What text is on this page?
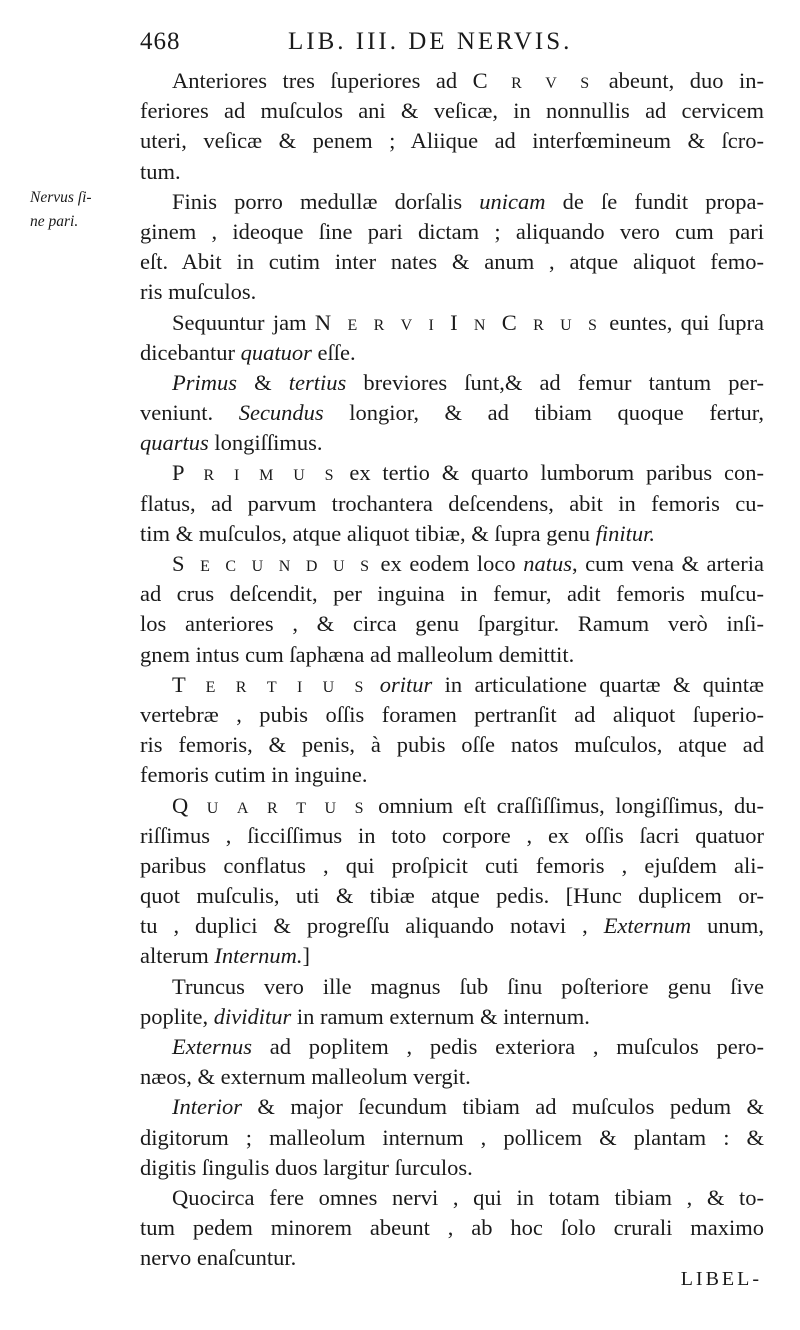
468	LIB. III. DE NERVIS.
Nervus ſi-
ne pari.
Anteriores tres ſuperiores ad C r v s abeunt, duo in-
feriores ad muſculos ani & veſicæ, in nonnullis ad cervicem
uteri, veſicæ & penem ; Aliique ad interfœmineum & ſcro-
tum.
Finis porro medullæ dorſalis unicam de ſe fundit propa-
ginem , ideoque ſine pari dictam ; aliquando vero cum pari
eſt. Abit in cutim inter nates & anum , atque aliquot femo-
ris muſculos.
Sequuntur jam N e r v i I n C r u s euntes, qui ſupra
dicebantur quatuor eſſe.
Primus & tertius breviores ſunt,& ad femur tantum per-
veniunt. Secundus longior, & ad tibiam quoque fertur,
quartus longiſſimus.
P r i m u s ex tertio & quarto lumborum paribus con-
flatus, ad parvum trochantera deſcendens, abit in femoris cu-
tim & muſculos, atque aliquot tibiæ, & ſupra genu finitur.
S e c u n d u s ex eodem loco natus, cum vena & arteria
ad crus deſcendit, per inguina in femur, adit femoris muſcu-
los anteriores , & circa genu ſpargitur. Ramum verò inſi-
gnem intus cum ſaphæna ad malleolum demittit.
T e r t i u s oritur in articulatione quartæ & quintæ
vertebræ , pubis oſſis foramen pertranſit ad aliquot ſuperio-
ris femoris, & penis, à pubis oſſe natos muſculos, atque ad
femoris cutim in inguine.
Q u a r t u s omnium eſt craſſiſſimus, longiſſimus, du-
riſſimus , ſicciſſimus in toto corpore , ex oſſis ſacri quatuor
paribus conflatus , qui proſpicit cuti femoris , ejuſdem ali-
quot muſculis, uti & tibiæ atque pedis. [Hunc duplicem or-
tu , duplici & progreſſu aliquando notavi , Externum unum,
alterum Internum.]
Truncus vero ille magnus ſub ſinu poſteriore genu ſive
poplite, dividitur in ramum externum & internum.
Externus ad poplitem , pedis exteriora , muſculos pero-
næos, & externum malleolum vergit.
Interior & major ſecundum tibiam ad muſculos pedum &
digitorum ; malleolum internum , pollicem & plantam : &
digitis ſingulis duos largitur ſurculos.
Quocirca fere omnes nervi , qui in totam tibiam , & to-
tum pedem minorem abeunt , ab hoc ſolo crurali maximo
nervo enaſcuntur.
LIBEL-
